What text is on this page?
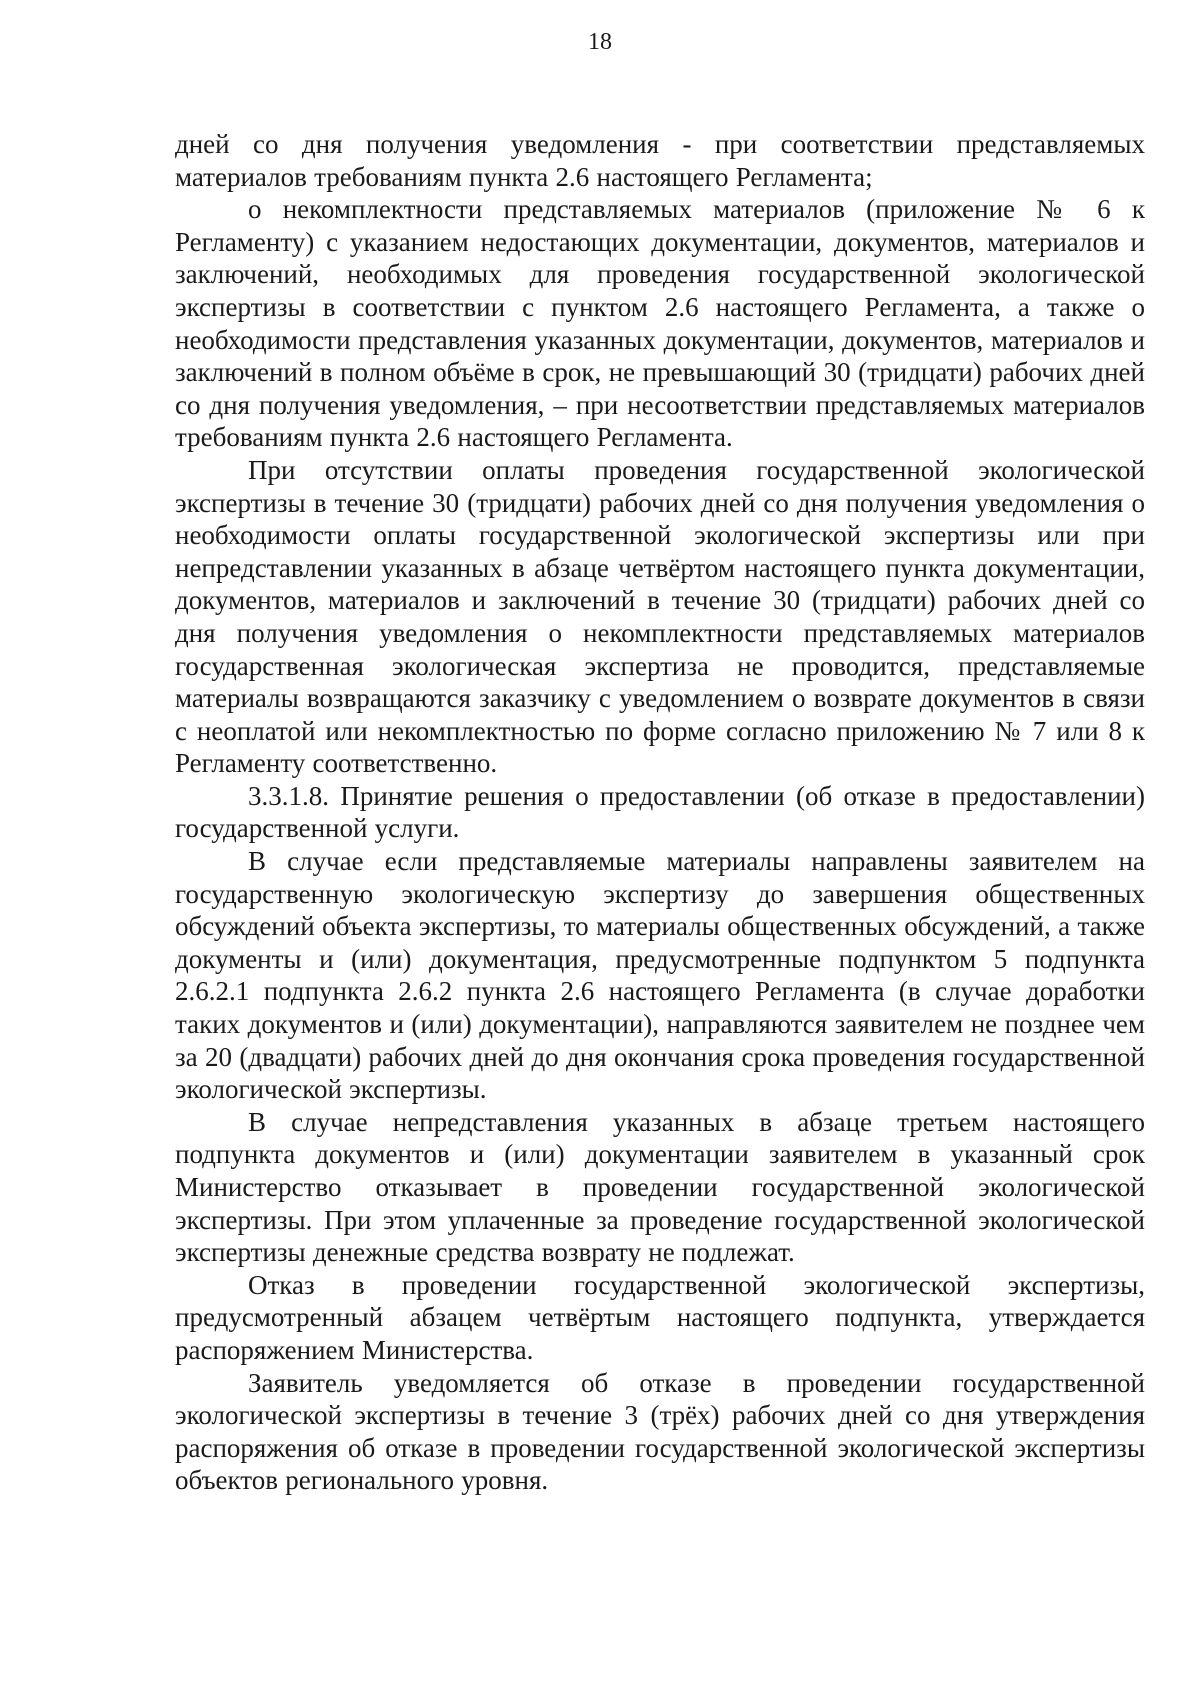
18

дней со дня получения уведомления - при соответствии представляемых материалов требованиям пункта 2.6 настоящего Регламента;

о некомплектности представляемых материалов (приложение № 6 к Регламенту) с указанием недостающих документации, документов, материалов и заключений, необходимых для проведения государственной экологической экспертизы в соответствии с пунктом 2.6 настоящего Регламента, а также о необходимости представления указанных документации, документов, материалов и заключений в полном объёме в срок, не превышающий 30 (тридцати) рабочих дней со дня получения уведомления, – при несоответствии представляемых материалов требованиям пункта 2.6 настоящего Регламента.

При отсутствии оплаты проведения государственной экологической экспертизы в течение 30 (тридцати) рабочих дней со дня получения уведомления о необходимости оплаты государственной экологической экспертизы или при непредставлении указанных в абзаце четвёртом настоящего пункта документации, документов, материалов и заключений в течение 30 (тридцати) рабочих дней со дня получения уведомления о некомплектности представляемых материалов государственная экологическая экспертиза не проводится, представляемые материалы возвращаются заказчику с уведомлением о возврате документов в связи с неоплатой или некомплектностью по форме согласно приложению № 7 или 8 к Регламенту соответственно.

3.3.1.8. Принятие решения о предоставлении (об отказе в предоставлении) государственной услуги.

В случае если представляемые материалы направлены заявителем на государственную экологическую экспертизу до завершения общественных обсуждений объекта экспертизы, то материалы общественных обсуждений, а также документы и (или) документация, предусмотренные подпунктом 5 подпункта 2.6.2.1 подпункта 2.6.2 пункта 2.6 настоящего Регламента (в случае доработки таких документов и (или) документации), направляются заявителем не позднее чем за 20 (двадцати) рабочих дней до дня окончания срока проведения государственной экологической экспертизы.

В случае непредставления указанных в абзаце третьем настоящего подпункта документов и (или) документации заявителем в указанный срок Министерство отказывает в проведении государственной экологической экспертизы. При этом уплаченные за проведение государственной экологической экспертизы денежные средства возврату не подлежат.

Отказ в проведении государственной экологической экспертизы, предусмотренный абзацем четвёртым настоящего подпункта, утверждается распоряжением Министерства.

Заявитель уведомляется об отказе в проведении государственной экологической экспертизы в течение 3 (трёх) рабочих дней со дня утверждения распоряжения об отказе в проведении государственной экологической экспертизы объектов регионального уровня.
